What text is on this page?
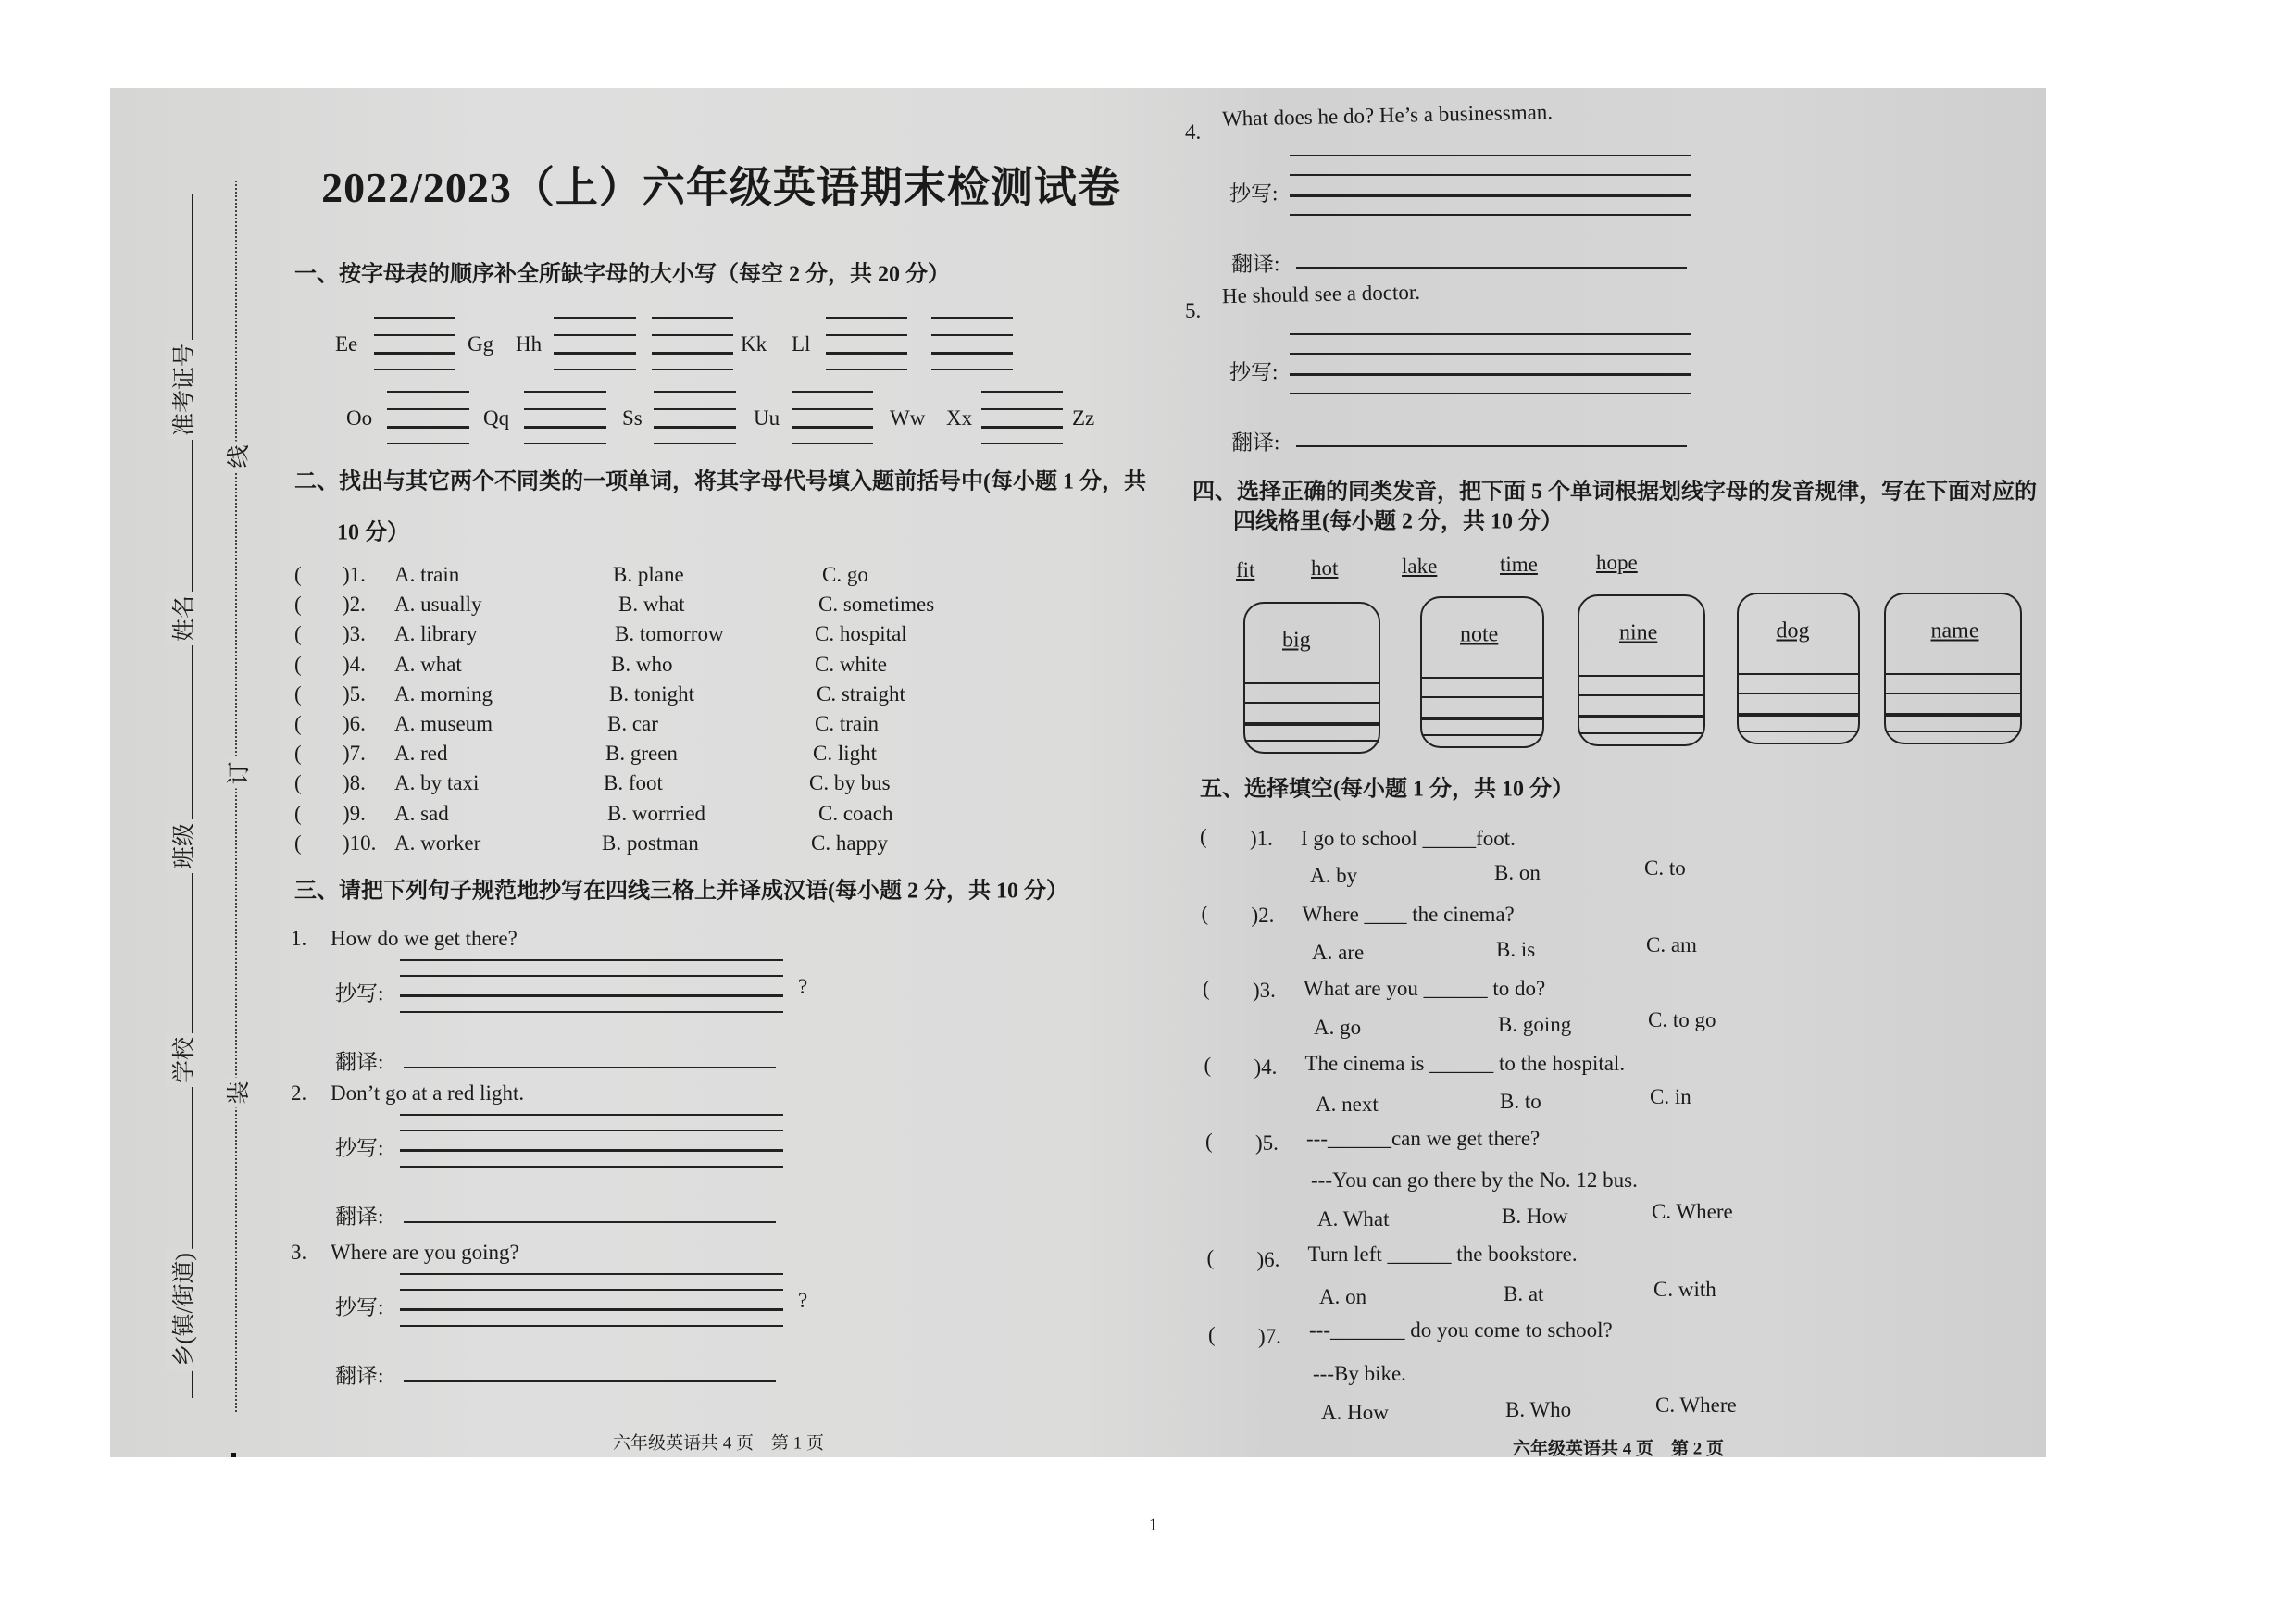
2022/2023（上）六年级英语期末检测试卷
准考证号
姓名
班级
学校
乡(镇/街道)
线
订
装
一、按字母表的顺序补全所缺字母的大小写（每空 2 分，共 20 分）
Ee	Gg Hh	Kk Ll
Oo	Qq	Ss	Uu	Ww Xx	Zz
二、找出与其它两个不同类的一项单词，将其字母代号填入题前括号中(每小题 1 分，共
10 分）
( )1. A. train	B. plane	C. go
( )2. A. usually	B. what	C. sometimes
( )3. A. library	B. tomorrow	C. hospital
( )4. A. what	B. who	C. white
( )5. A. morning	B. tonight	C. straight
( )6. A. museum	B. car	C. train
( )7. A. red	B. green	C. light
( )8. A. by taxi	B. foot	C. by bus
( )9. A. sad	B. worrried	C. coach
( )10. A. worker	B. postman	C. happy
三、请把下列句子规范地抄写在四线三格上并译成汉语(每小题 2 分，共 10 分）
1. How do we get there?
抄写:	?
翻译:
2. Don’t go at a red light.
抄写:
翻译:
3. Where are you going?
抄写:	?
翻译:
4.
What does he do? He’s a businessman.
抄写:
翻译:
5.
He should see a doctor.
抄写:
翻译:
四、选择正确的同类发音，把下面 5 个单词根据划线字母的发音规律，写在下面对应的
四线格里(每小题 2 分，共 10 分）
fit	hot	lake	time	hope
big	note	nine	dog	name
五、选择填空(每小题 1 分，共 10 分）
( )1. I go to school _____foot.
A. by	B. on	C. to
( )2. Where ____ the cinema?
A. are	B. is	C. am
( )3. What are you ______ to do?
A. go	B. going	C. to go
( )4. The cinema is ______ to the hospital.
A. next	B. to	C. in
( )5. ---______can we get there?
---You can go there by the No. 12 bus.
A. What	B. How	C. Where
( )6. Turn left ______ the bookstore.
A. on	B. at	C. with
( )7. ---_______ do you come to school?
---By bike.
A. How	B. Who	C. Where
六年级英语共 4 页　第 1 页	六年级英语共 4 页　第 2 页
1
